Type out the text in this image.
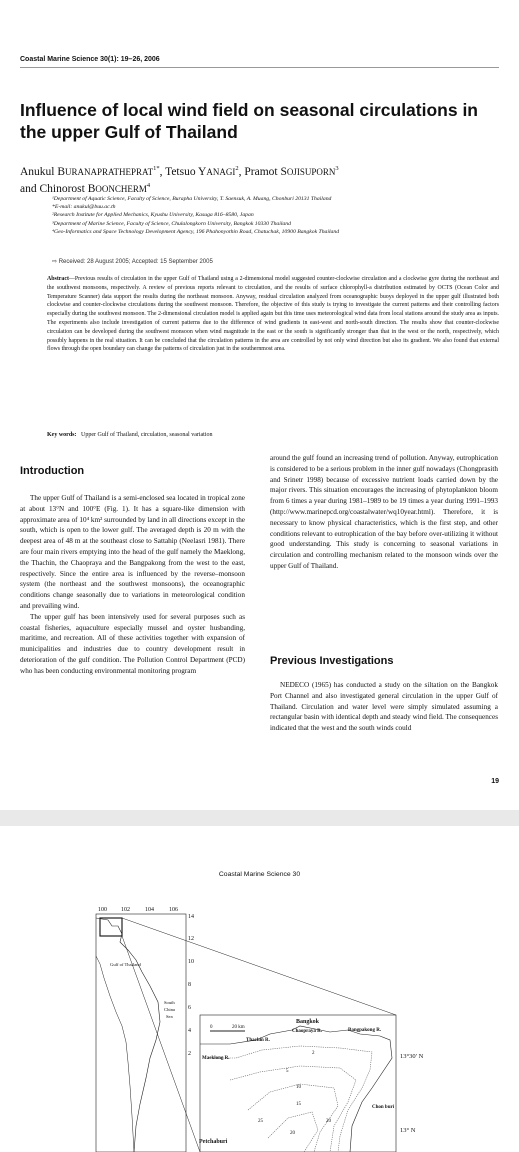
Coastal Marine Science 30(1): 19–26, 2006
Influence of local wind field on seasonal circulations in the upper Gulf of Thailand
Anukul $BURANAPRATHEPRAT^{1*}$, Tetsuo YANAGI$^2$, Pramot SOJISUPORN$^3$
and Chinorost BOONCHERM$^4$
¹Department of Aquatic Science, Faculty of Science, Burapha University, T. Saensuk, A. Muang, Chonburi 20131 Thailand
*E-mail: anukul@buu.ac.th
²Research Institute for Applied Mechanics, Kyushu University, Kasuga 816–8580, Japan
³Department of Marine Science, Faculty of Science, Chulalongkorn University, Bangkok 10330 Thailand
⁴Geo-Informatics and Space Technology Development Agency, 196 Phahonyothin Road, Chatuchak, 10900 Bangkok Thailand
⇨ Received: 28 August 2005; Accepted: 15 September 2005
Abstract—Previous results of circulation in the upper Gulf of Thailand using a 2-dimensional model suggested counter-clockwise circulation and a clockwise gyre during the northeast and the southwest monsoons, respectively. A review of previous reports relevant to circulation, and the results of surface chlorophyll-a distribution estimated by OCTS (Ocean Color and Temperature Scanner) data support the results during the northeast monsoon. Anyway, residual circulation analyzed from oceanographic buoys deployed in the upper gulf illustrated both clockwise and counter-clockwise circulations during the southwest monsoon. Therefore, the objective of this study is trying to investigate the current patterns and their controlling factors especially during the southwest monsoon. The 2-dimensional circulation model is applied again but this time uses meteorological wind data from local stations around the study area as inputs. The experiments also include investigation of current patterns due to the difference of wind gradients in east-west and north-south direction. The results show that counter-clockwise circulation can be developed during the southwest monsoon when wind magnitude in the east or the south is significantly stronger than that in the west or the north, respectively, which possibly happens in the real situation. It can be concluded that the circulation patterns in the area are controlled by not only wind direction but also its gradient. We also found that external flows through the open boundary can change the patterns of circulation just in the southernmost area.
Key words: Upper Gulf of Thailand, circulation, seasonal variation
Introduction

The upper Gulf of Thailand is a semi-enclosed sea located in tropical zone at about 13°N and 100°E (Fig. 1). It has a square-like dimension with approximate area of 10⁴ km² surrounded by land in all directions except in the south, which is open to the lower gulf. The averaged depth is 20 m with the deepest area of 48 m at the southeast close to Sattahip (Neelasri 1981). There are four main rivers emptying into the head of the gulf namely the Maeklong, the Thachin, the Chaopraya and the Bangpakong from the west to the east, respectively. Since the entire area is influenced by the reverse–monsoon system (the northeast and the southwest monsoons), the oceanographic conditions change seasonally due to variations in meteorological condition and prevailing wind.

The upper gulf has been intensively used for several purposes such as coastal fisheries, aquaculture especially mussel and oyster husbanding, maritime, and recreation. All of these activities together with expansion of municipalities and industries due to country development result in deterioration of the gulf condition. The Pollution Control Department (PCD) who has been conducting environmental monitoring program

around the gulf found an increasing trend of pollution. Anyway, eutrophication is considered to be a serious problem in the inner gulf nowadays (Chongprasith and Srinetr 1998) because of excessive nutrient loads carried down by the major rivers. This situation encourages the increasing of phytoplankton bloom from 6 times a year during 1981–1989 to be 19 times a year during 1991–1993 (http://www.marinepcd.org/coastalwater/wq10year.html). Therefore, it is necessary to know physical characteristics, which is the first step, and other conditions relevant to eutrophication of the bay before over-utilizing it without good understanding. This study is concerning to seasonal variations in circulation and controlling mechanism related to the monsoon winds over the upper Gulf of Thailand.

Previous Investigations

NEDECO (1965) has conducted a study on the siltation on the Bangkok Port Channel and also investigated general circulation in the upper Gulf of Thailand. Circulation and water level were simply simulated assuming a rectangular basin with identical depth and steady wind field. The consequences indicated that the west and the south winds could

19
Coastal Marine Science 30
100 102	104	106
14
12
10
8
6
4
2
Gulf of Thailand
South
China
Sea
0	20 km
Bangkok
Chaopraya R.	Bangpakong R.
Thachin R.
Maeklong R.
Chon buri
Petchaburi
2
5
10
15
20
20
25
13°30′ N
13° N
